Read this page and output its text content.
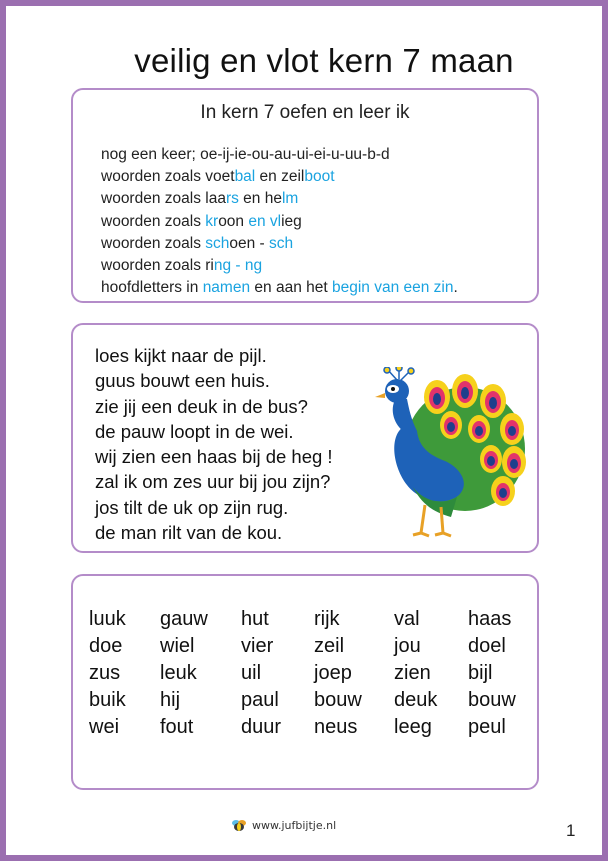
veilig en vlot kern 7 maan
In kern 7 oefen en leer ik
nog een keer; oe-ij-ie-ou-au-ui-ei-u-uu-b-d
woorden zoals voetbal en zeilboot
woorden zoals laars en helm
woorden zoals kroon en vlieg
woorden zoals schoen - sch
woorden zoals ring - ng
hoofdletters in namen en aan het begin van een zin.
loes kijkt naar de pijl.
guus bouwt een huis.
zie jij een deuk in de bus?
de pauw loopt in de wei.
wij zien een haas bij de heg !
zal ik om zes uur bij jou zijn?
jos tilt de uk op zijn rug.
de man rilt van de kou.
luuk	gauw	hut	rijk	val	haas
doe	wiel	vier	zeil	jou	doel
zus	leuk	uil	joep	zien	bijl
buik	hij	paul	bouw	deuk	bouw
wei	fout	duur	neus	leeg	peul
www.jufbijtje.nl	1
